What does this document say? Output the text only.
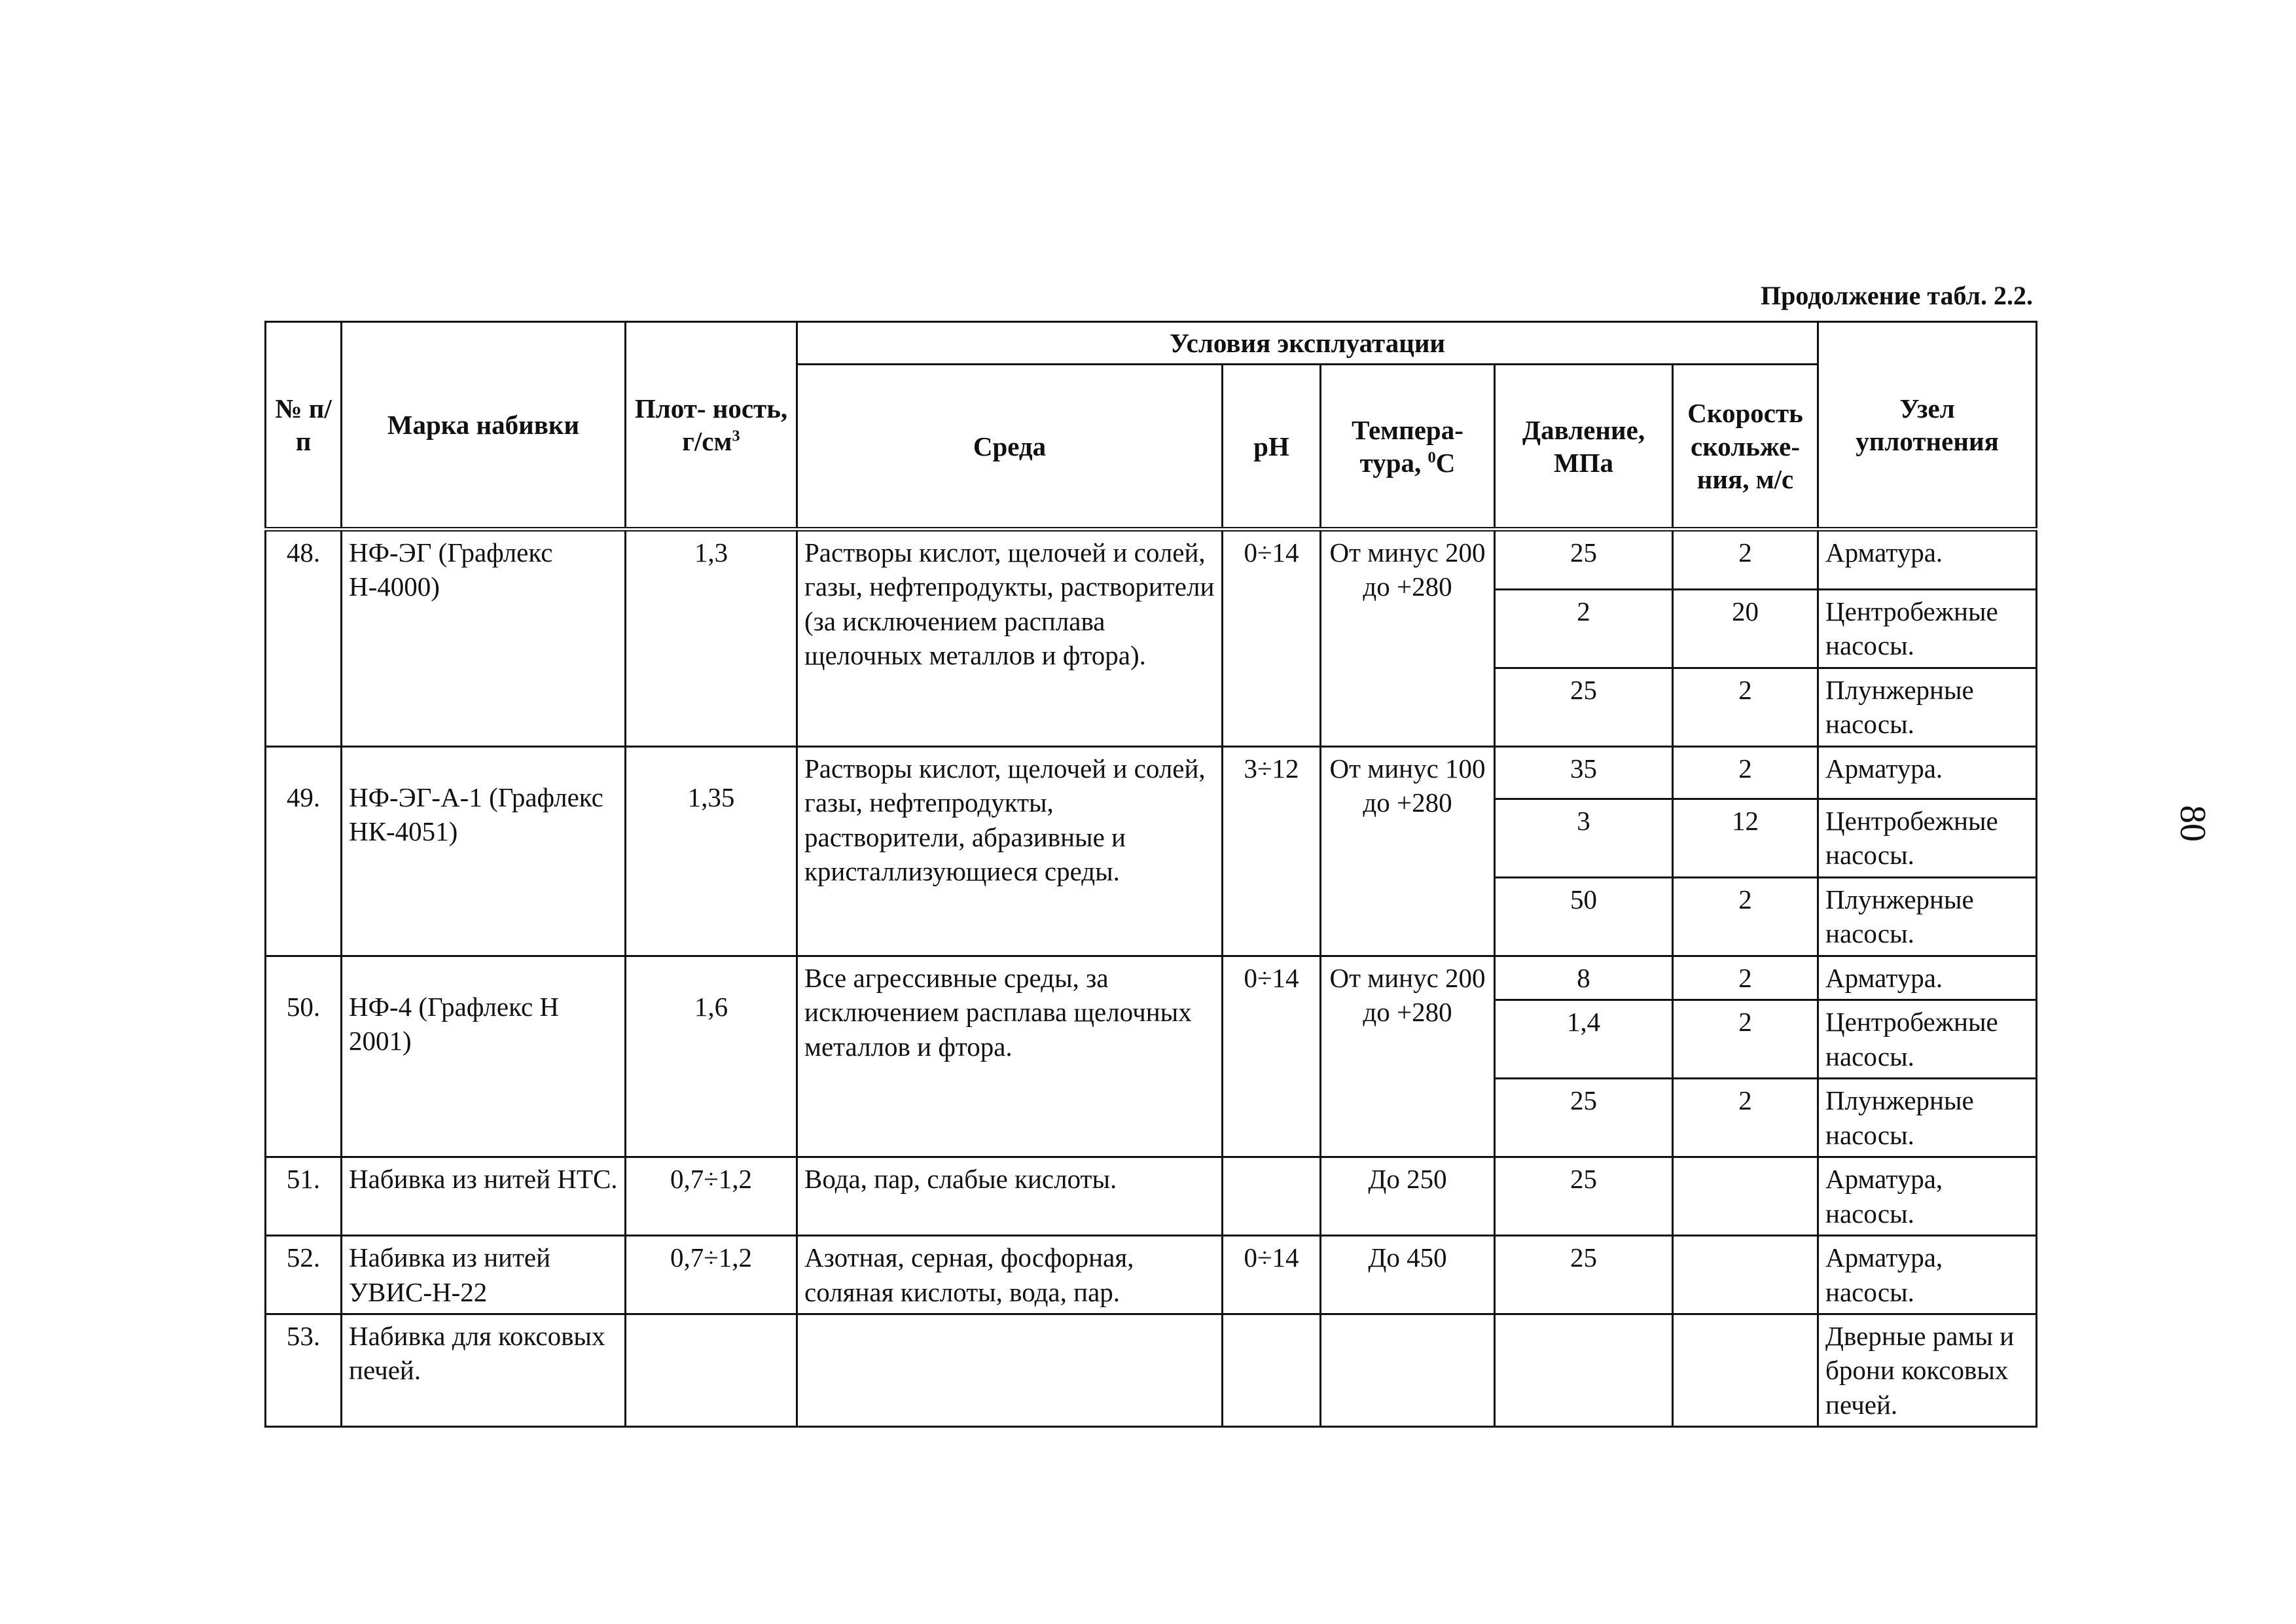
Продолжение табл. 2.2.
80
№ п/п	Марка набивки	Плот- ность, $г/см^3$	Условия эксплуатации					Узел уплотнения
			Среда	pH	Темпера- тура, $^0$С	Давление, МПа	Скорость скольже- ния, м/с	
48.	НФ-ЭГ (Графлекс Н-4000)	1,3	Растворы кислот, щелочей и солей, газы, нефтепродукты, растворители (за исключением расплава щелочных металлов и фтора).	0÷14	От минус 200 до +280	25	2	Арматура.
						2	20	Центробежные насосы.
						25	2	Плунжерные насосы.
49.	НФ-ЭГ-А-1 (Графлекс НК-4051)	1,35	Растворы кислот, щелочей и солей, газы, нефтепродукты, растворители, абразивные и кристаллизующиеся среды.	3÷12	От минус 100 до +280	35	2	Арматура.
						3	12	Центробежные насосы.
						50	2	Плунжерные насосы.
50.	НФ-4 (Графлекс Н 2001)	1,6	Все агрессивные среды, за исключением расплава щелочных металлов и фтора.	0÷14	От минус 200 до +280	8	2	Арматура.
						1,4	2	Центробежные насосы.
						25	2	Плунжерные насосы.
51.	Набивка из нитей НТС.	0,7÷1,2	Вода, пар, слабые кислоты.		До 250	25		Арматура, насосы.
52.	Набивка из нитей УВИС-Н-22	0,7÷1,2	Азотная, серная, фосфорная, соляная кислоты, вода, пар.	0÷14	До 450	25		Арматура, насосы.
53.	Набивка для коксовых печей.							Дверные рамы и брони коксовых печей.
